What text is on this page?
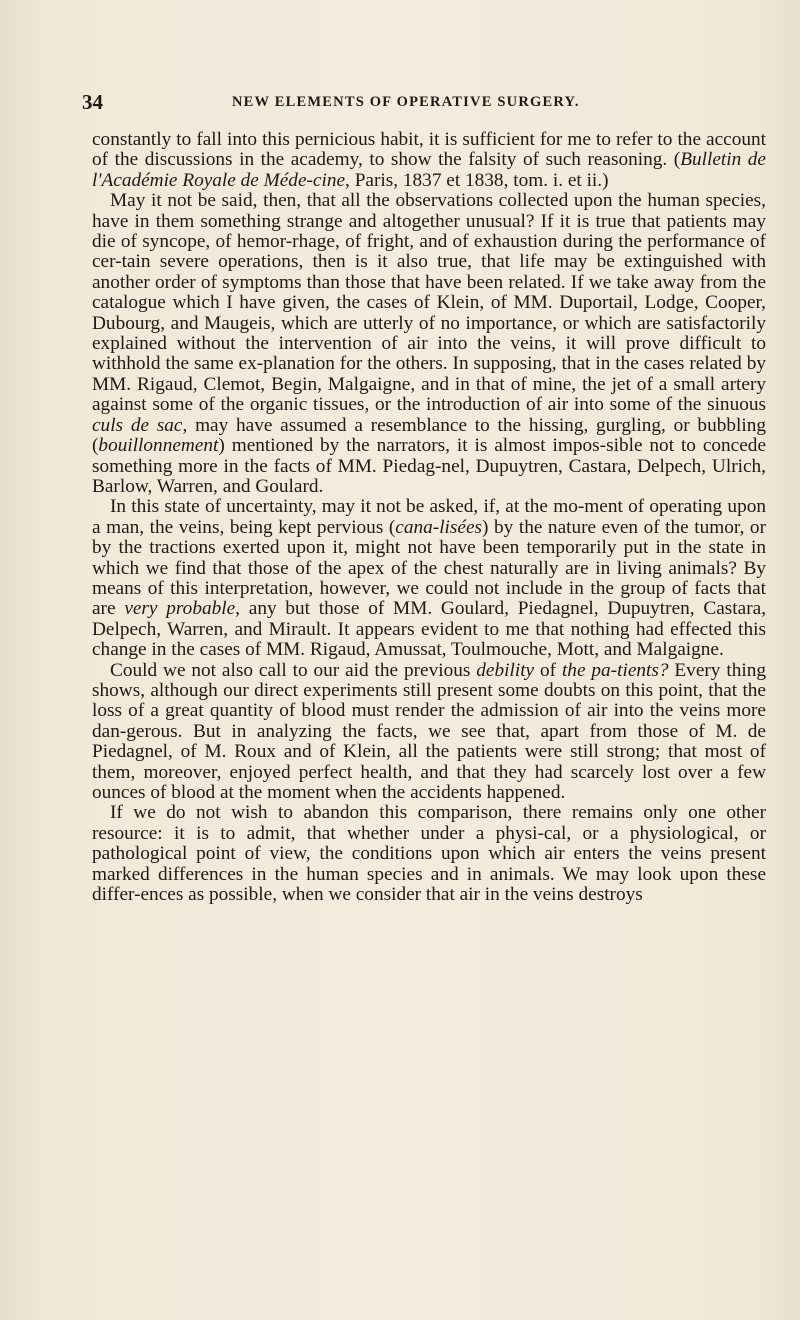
34	NEW ELEMENTS OF OPERATIVE SURGERY.

constantly to fall into this pernicious habit, it is sufficient for me to refer to the account of the discussions in the academy, to show the falsity of such reasoning. (Bulletin de l'Académie Royale de Méde-cine, Paris, 1837 et 1838, tom. i. et ii.)

May it not be said, then, that all the observations collected upon the human species, have in them something strange and altogether unusual? If it is true that patients may die of syncope, of hemor-rhage, of fright, and of exhaustion during the performance of cer-tain severe operations, then is it also true, that life may be extinguished with another order of symptoms than those that have been related. If we take away from the catalogue which I have given, the cases of Klein, of MM. Duportail, Lodge, Cooper, Dubourg, and Maugeis, which are utterly of no importance, or which are satisfactorily explained without the intervention of air into the veins, it will prove difficult to withhold the same ex-planation for the others. In supposing, that in the cases related by MM. Rigaud, Clemot, Begin, Malgaigne, and in that of mine, the jet of a small artery against some of the organic tissues, or the introduction of air into some of the sinuous culs de sac, may have assumed a resemblance to the hissing, gurgling, or bubbling (bouillonnement) mentioned by the narrators, it is almost impos-sible not to concede something more in the facts of MM. Piedag-nel, Dupuytren, Castara, Delpech, Ulrich, Barlow, Warren, and Goulard.

In this state of uncertainty, may it not be asked, if, at the mo-ment of operating upon a man, the veins, being kept pervious (cana-lisées) by the nature even of the tumor, or by the tractions exerted upon it, might not have been temporarily put in the state in which we find that those of the apex of the chest naturally are in living animals? By means of this interpretation, however, we could not include in the group of facts that are very probable, any but those of MM. Goulard, Piedagnel, Dupuytren, Castara, Delpech, Warren, and Mirault. It appears evident to me that nothing had effected this change in the cases of MM. Rigaud, Amussat, Toulmouche, Mott, and Malgaigne.

Could we not also call to our aid the previous debility of the pa-tients? Every thing shows, although our direct experiments still present some doubts on this point, that the loss of a great quantity of blood must render the admission of air into the veins more dan-gerous. But in analyzing the facts, we see that, apart from those of M. de Piedagnel, of M. Roux and of Klein, all the patients were still strong; that most of them, moreover, enjoyed perfect health, and that they had scarcely lost over a few ounces of blood at the moment when the accidents happened.

If we do not wish to abandon this comparison, there remains only one other resource: it is to admit, that whether under a physi-cal, or a physiological, or pathological point of view, the conditions upon which air enters the veins present marked differences in the human species and in animals. We may look upon these differ-ences as possible, when we consider that air in the veins destroys
